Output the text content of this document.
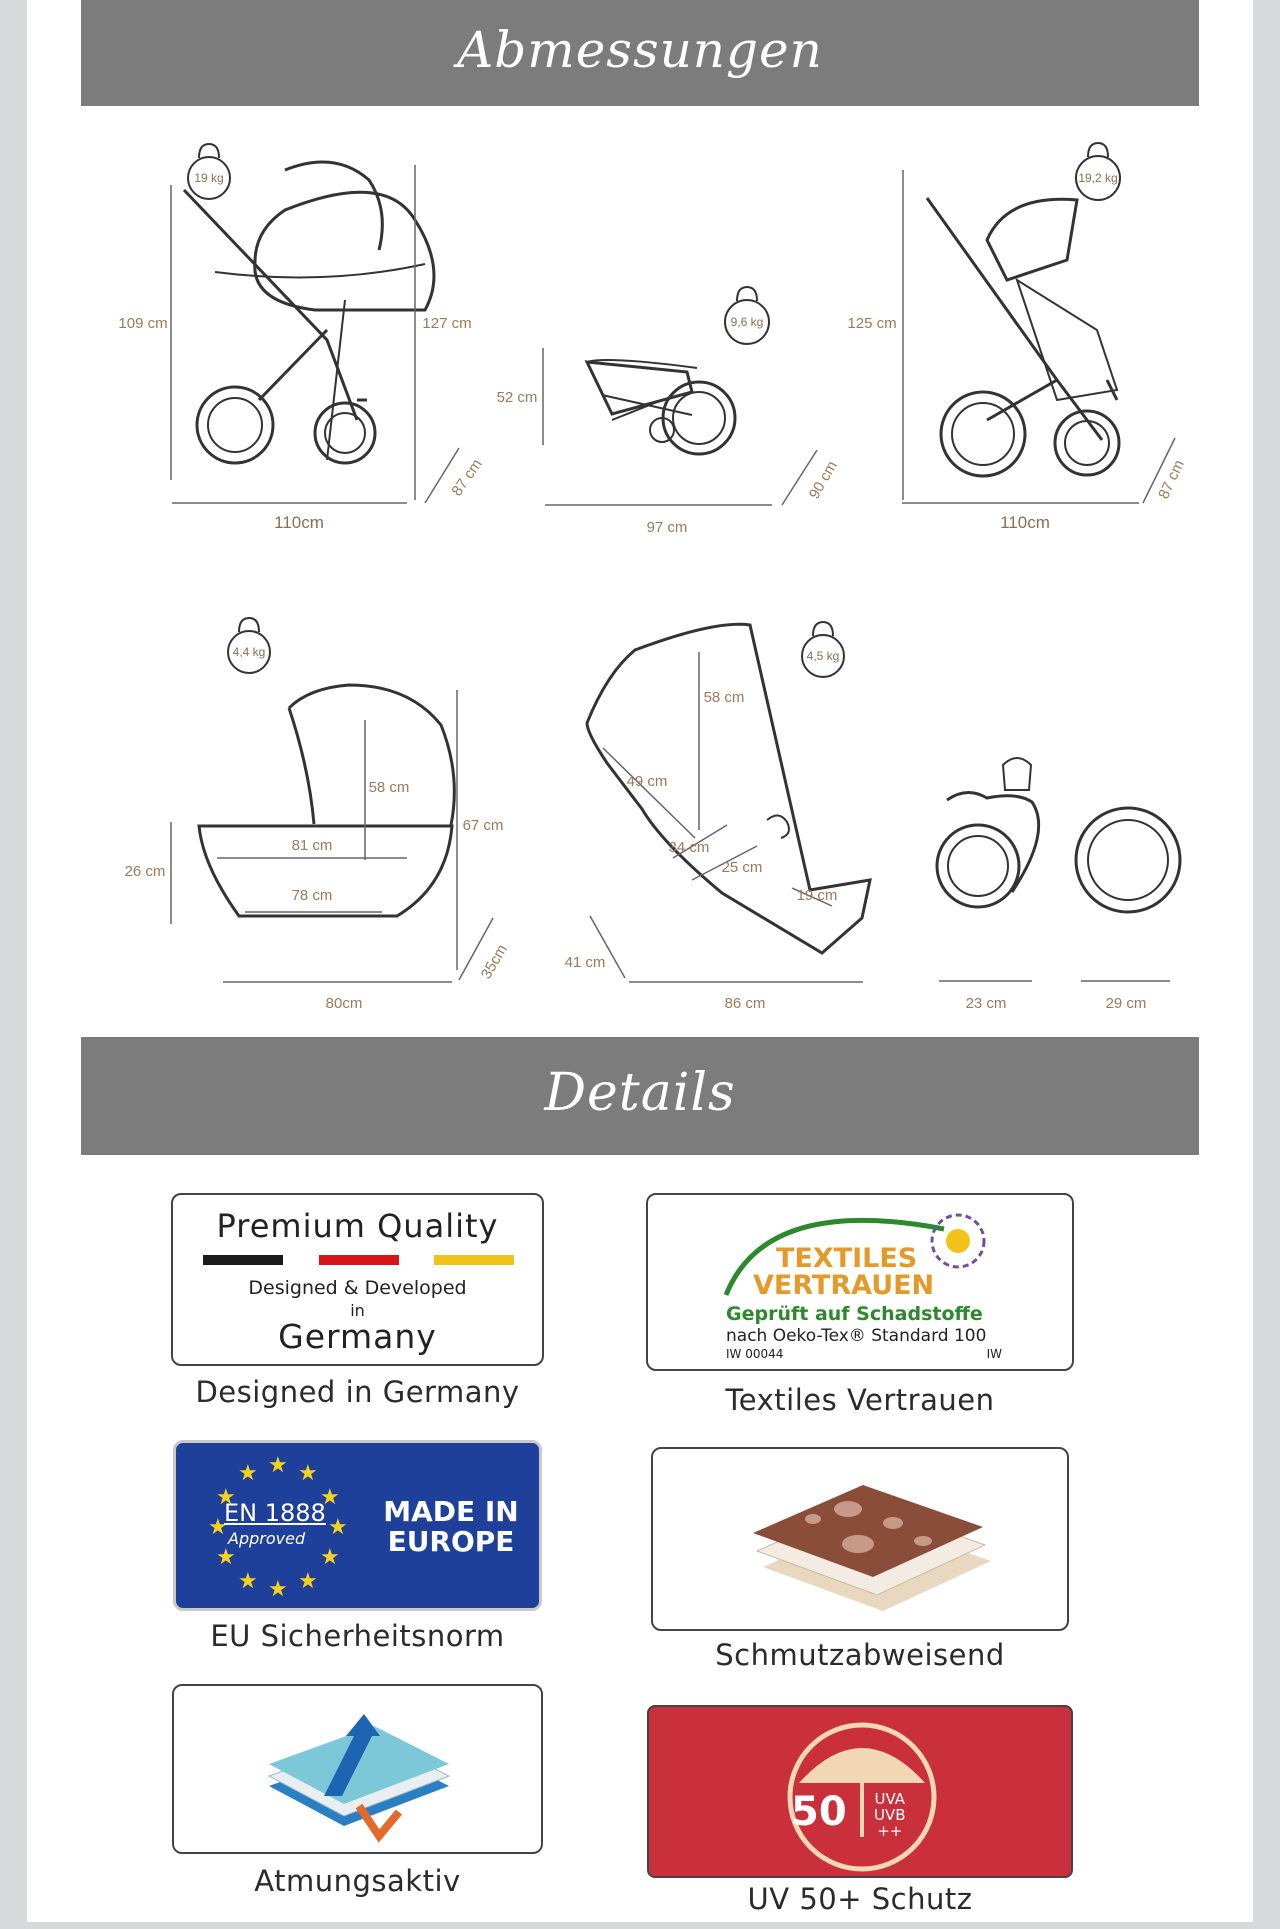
Abmessungen
19 kg
109 cm	127 cm
110cm
87 cm
9,6 kg
52 cm
97 cm
90 cm
19,2 kg
125 cm
110cm
87 cm
4,4 kg
26 cm
58 cm
81 cm
78 cm
67 cm
80cm
35cm
4,5 kg
58 cm
49 cm
34 cm
25 cm
19 cm
41 cm
86 cm	23 cm	29 cm
Details
Premium Quality
Designed & Developed
in
Germany
Designed in Germany
TEXTILES
VERTRAUEN
Geprüft auf Schadstoffe
nach Oeko-Tex® Standard 100
IW 00044	IW
Textiles Vertrauen
★ ★ ★
★
★
★
★
★
★
★
★
★
EN 1888
Approved
MADE IN EUROPE
EU Sicherheitsnorm
Schmutzabweisend
Atmungsaktiv
50 UVA
UVB
++
UV 50+ Schutz
